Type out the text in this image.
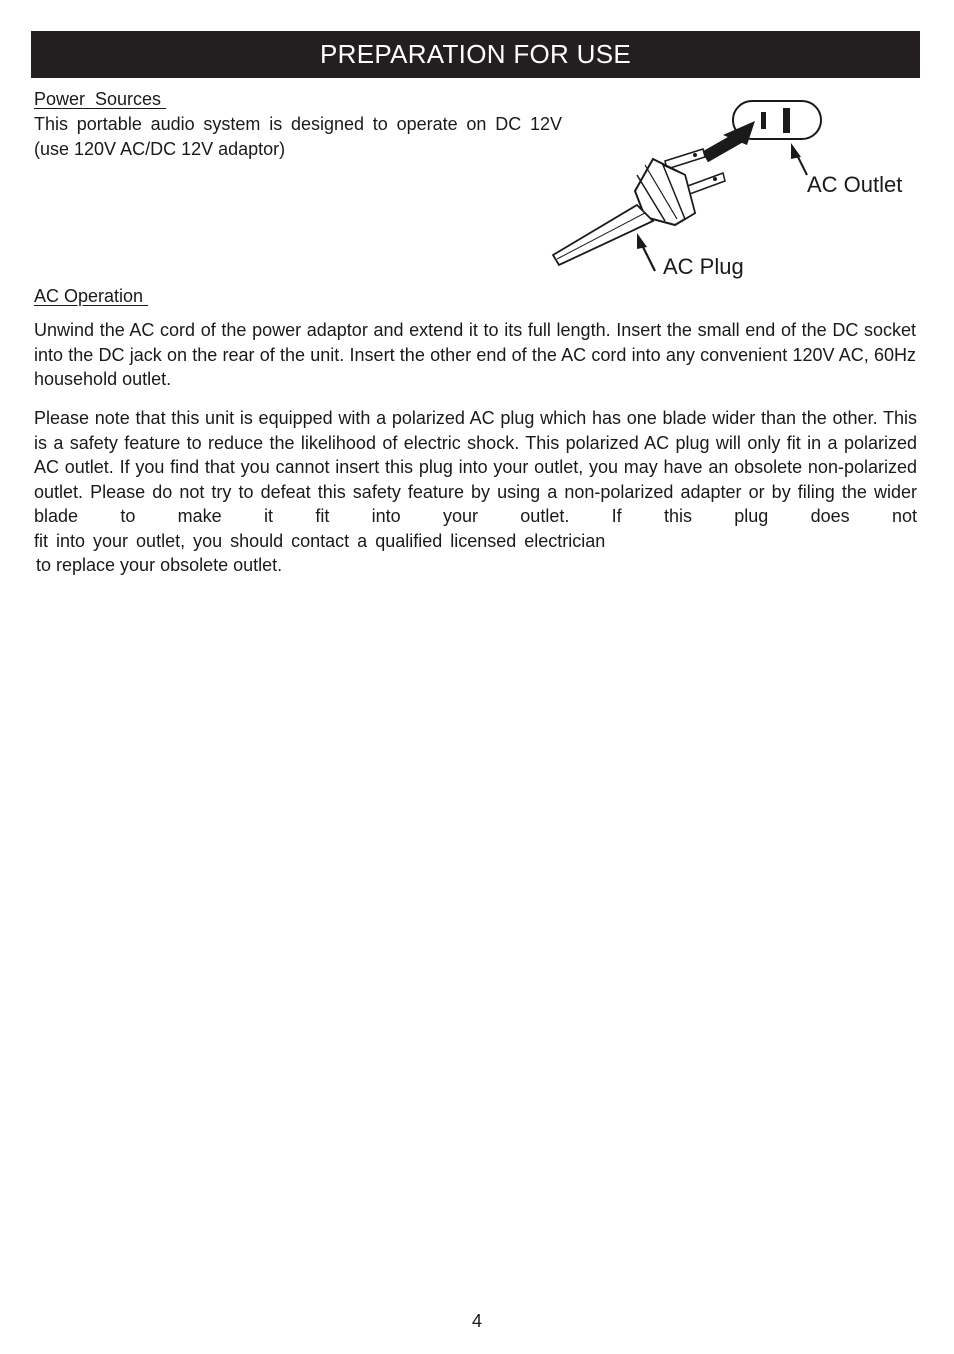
PREPARATION FOR USE
Power  Sources

This portable audio system is designed to operate on DC 12V (use 120V AC/DC 12V adaptor)

AC Outlet
AC Plug
AC Operation

Unwind the AC cord of the power adaptor and extend it to its full length. Insert the small end of the DC socket into the DC jack on the rear of the unit. Insert the other end of the AC cord into any convenient 120V AC, 60Hz household outlet.

Please note that this unit is equipped with a polarized AC plug which has one blade wider than the other. This is a safety feature to reduce the likelihood of electric shock. This polarized AC plug will only fit in a polarized AC outlet. If you find that you cannot insert this plug into your outlet, you may have an obsolete non-polarized outlet. Please do not try to defeat this safety feature by using a non-polarized adapter or by filing the wider blade to make it fit into your outlet. If this plug does not

fit into your outlet, you should contact a qualified licensed electrician
to replace your obsolete outlet.
4
